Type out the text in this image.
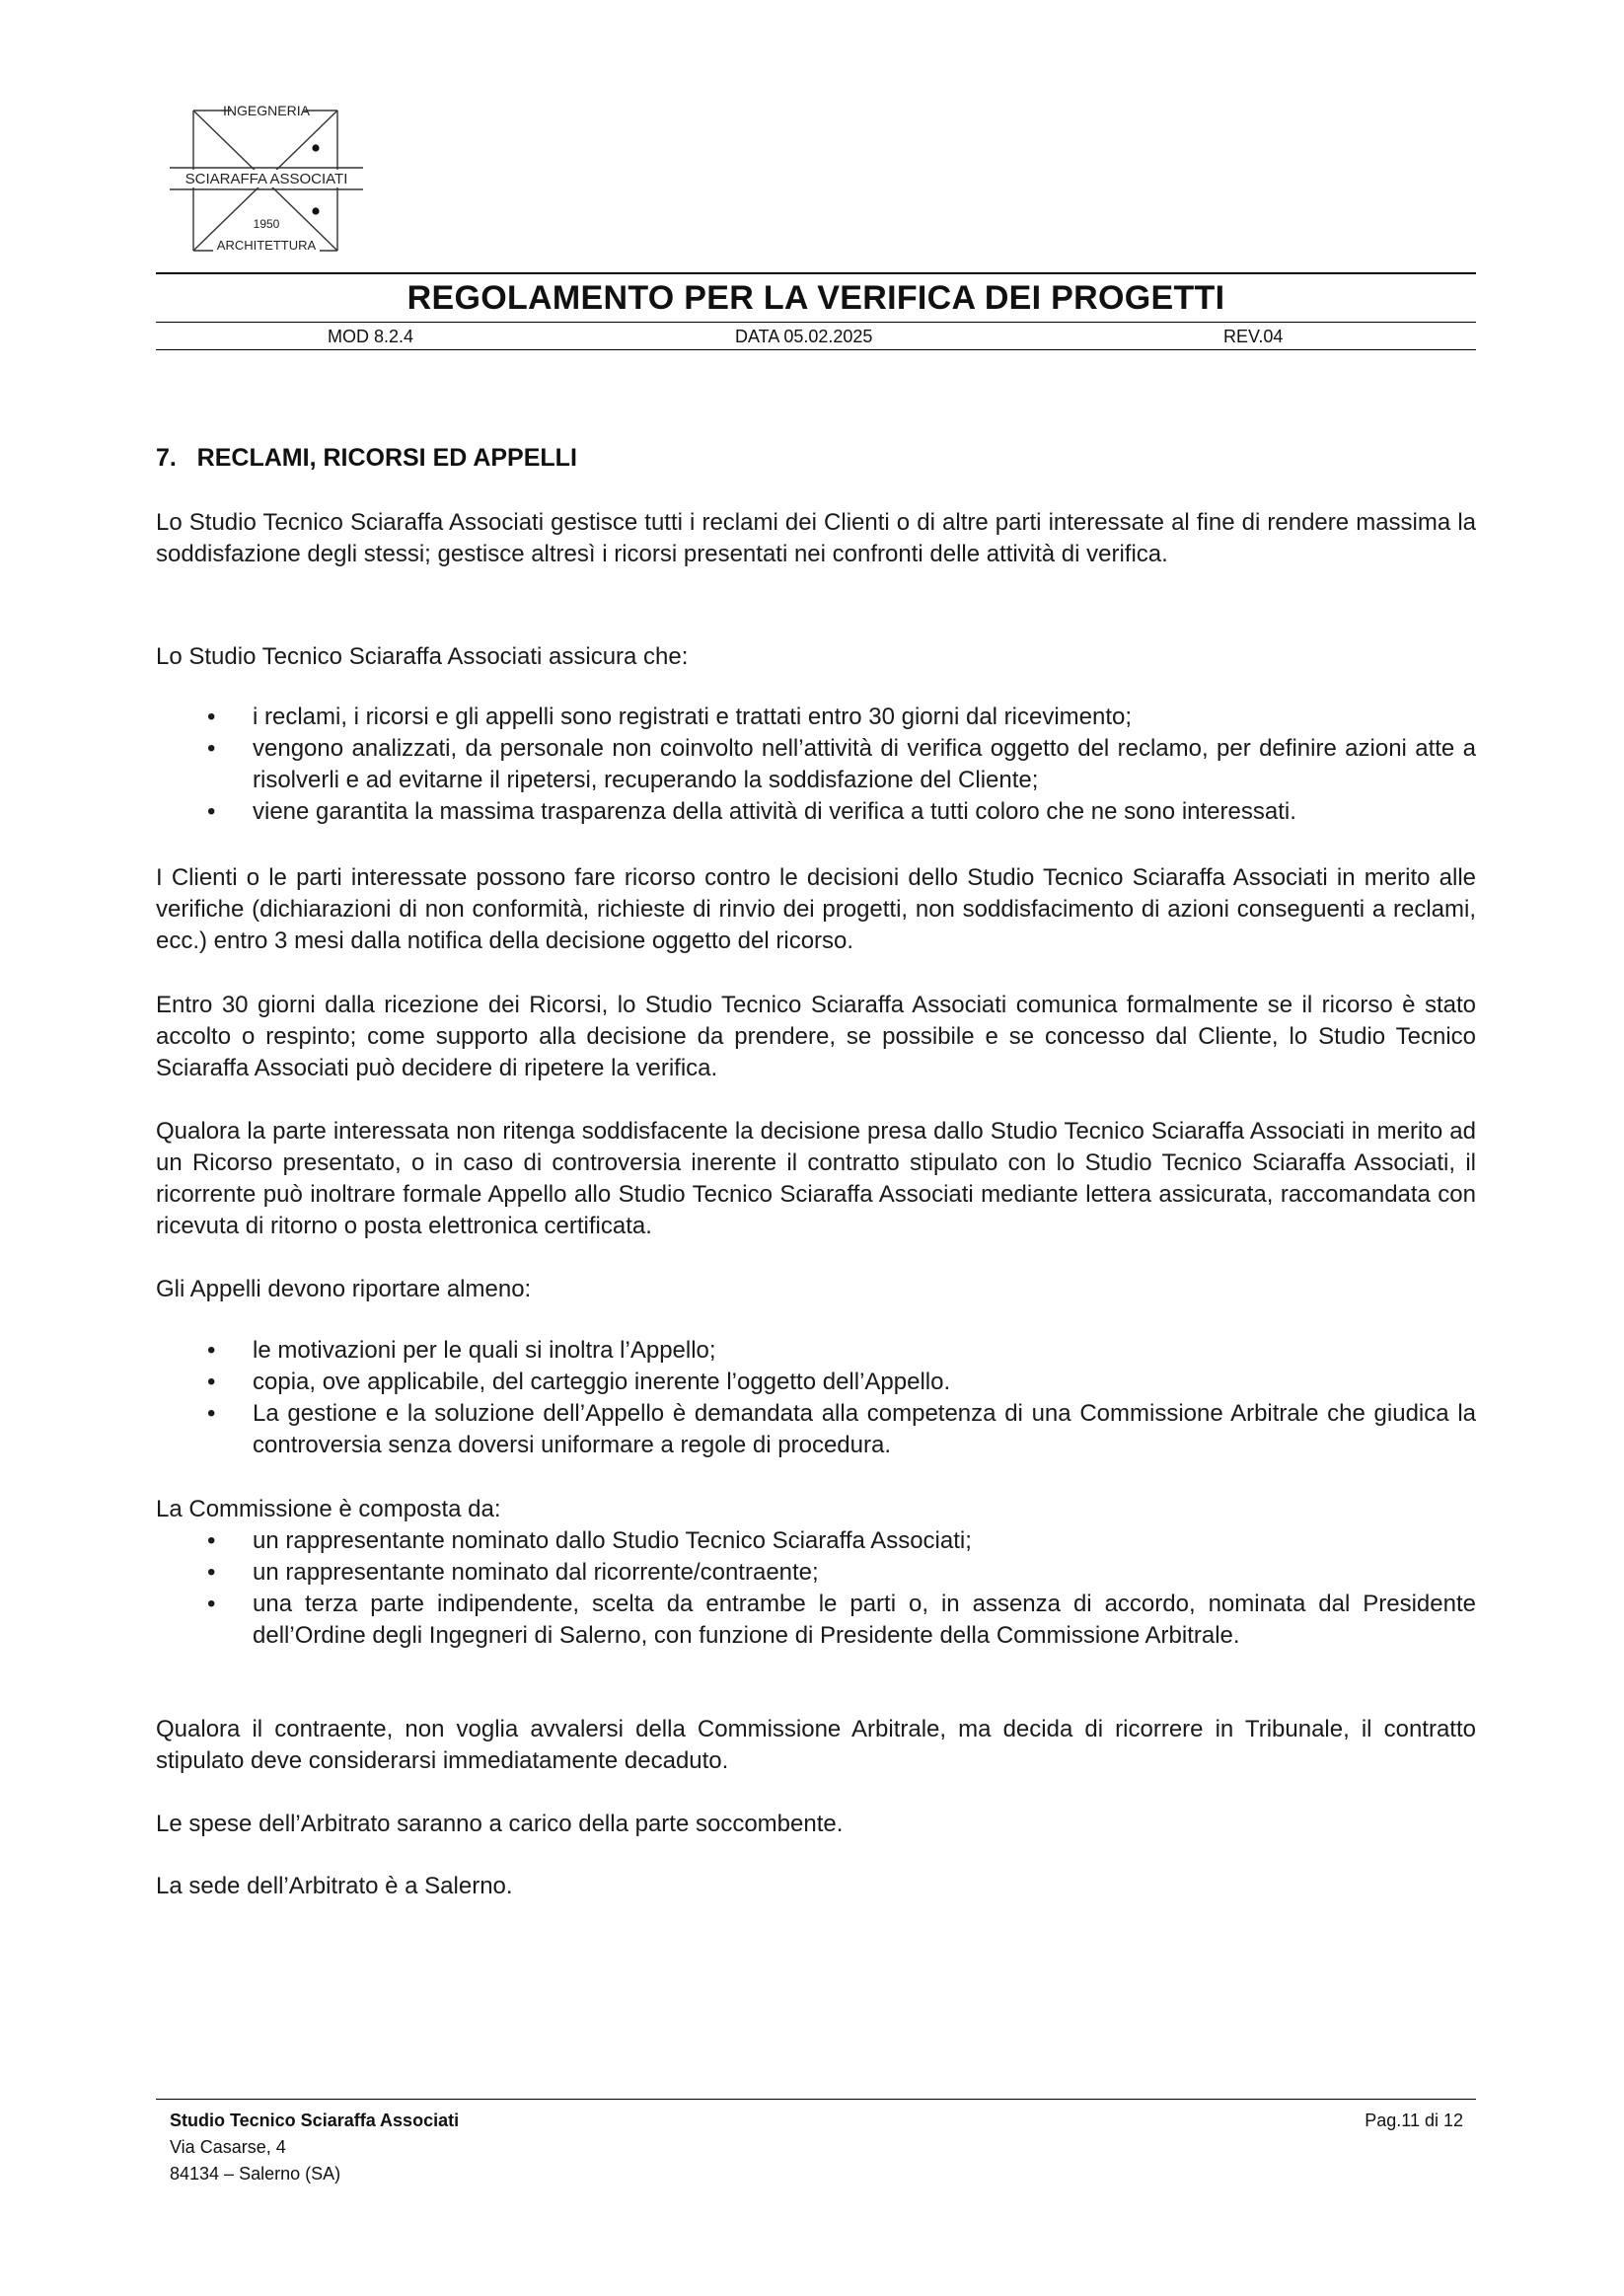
INGEGNERIA
SCIARAFFA ASSOCIATI
1950
ARCHITETTURA
REGOLAMENTO PER LA VERIFICA DEI PROGETTI
MOD 8.2.4	DATA 05.02.2025	REV.04
7.   RECLAMI, RICORSI ED APPELLI
Lo Studio Tecnico Sciaraffa Associati gestisce tutti i reclami dei Clienti o di altre parti interessate al fine di rendere massima la soddisfazione degli stessi; gestisce altresì i ricorsi presentati nei confronti delle attività di verifica.
Lo Studio Tecnico Sciaraffa Associati assicura che:
• i reclami, i ricorsi e gli appelli sono registrati e trattati entro 30 giorni dal ricevimento;
• vengono analizzati, da personale non coinvolto nell’attività di verifica oggetto del reclamo, per definire azioni atte a risolverli e ad evitarne il ripetersi, recuperando la soddisfazione del Cliente;
• viene garantita la massima trasparenza della attività di verifica a tutti coloro che ne sono interessati.
I Clienti o le parti interessate possono fare ricorso contro le decisioni dello Studio Tecnico Sciaraffa Associati in merito alle verifiche (dichiarazioni di non conformità, richieste di rinvio dei progetti, non soddisfacimento di azioni conseguenti a reclami, ecc.) entro 3 mesi dalla notifica della decisione oggetto del ricorso.
Entro 30 giorni dalla ricezione dei Ricorsi, lo Studio Tecnico Sciaraffa Associati comunica formalmente se il ricorso è stato accolto o respinto; come supporto alla decisione da prendere, se possibile e se concesso dal Cliente, lo Studio Tecnico Sciaraffa Associati può decidere di ripetere la verifica.
Qualora la parte interessata non ritenga soddisfacente la decisione presa dallo Studio Tecnico Sciaraffa Associati in merito ad un Ricorso presentato, o in caso di controversia inerente il contratto stipulato con lo Studio Tecnico Sciaraffa Associati, il ricorrente può inoltrare formale Appello allo Studio Tecnico Sciaraffa Associati mediante lettera assicurata, raccomandata con ricevuta di ritorno o posta elettronica certificata.
Gli Appelli devono riportare almeno:
• le motivazioni per le quali si inoltra l’Appello;
• copia, ove applicabile, del carteggio inerente l’oggetto dell’Appello.
• La gestione e la soluzione dell’Appello è demandata alla competenza di una Commissione Arbitrale che giudica la controversia senza doversi uniformare a regole di procedura.
La Commissione è composta da:
• un rappresentante nominato dallo Studio Tecnico Sciaraffa Associati;
• un rappresentante nominato dal ricorrente/contraente;
• una terza parte indipendente, scelta da entrambe le parti o, in assenza di accordo, nominata dal Presidente dell’Ordine degli Ingegneri di Salerno, con funzione di Presidente della Commissione Arbitrale.
Qualora il contraente, non voglia avvalersi della Commissione Arbitrale, ma decida di ricorrere in Tribunale, il contratto stipulato deve considerarsi immediatamente decaduto.
Le spese dell’Arbitrato saranno a carico della parte soccombente.
La sede dell’Arbitrato è a Salerno.
Studio Tecnico Sciaraffa Associati
Via Casarse, 4
84134 – Salerno (SA)
Pag.11 di 12
